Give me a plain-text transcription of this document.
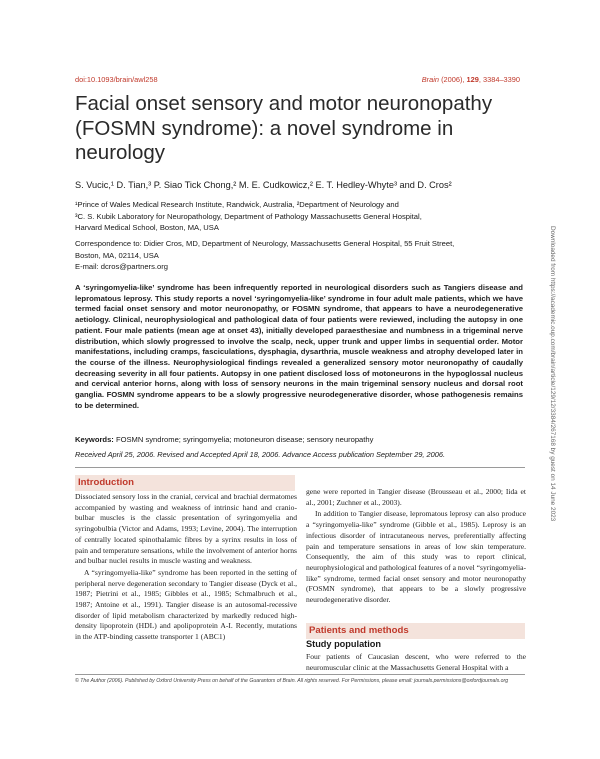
doi:10.1093/brain/awl258	Brain (2006), 129, 3384–3390
Facial onset sensory and motor neuronopathy (FOSMN syndrome): a novel syndrome in neurology
S. Vucic,¹ D. Tian,³ P. Siao Tick Chong,² M. E. Cudkowicz,² E. T. Hedley-Whyte³ and D. Cros²
¹Prince of Wales Medical Research Institute, Randwick, Australia, ²Department of Neurology and
³C. S. Kubik Laboratory for Neuropathology, Department of Pathology Massachusetts General Hospital,
Harvard Medical School, Boston, MA, USA
Correspondence to: Didier Cros, MD, Department of Neurology, Massachusetts General Hospital, 55 Fruit Street,
Boston, MA, 02114, USA
E-mail: dcros@partners.org

A ‘syringomyelia-like’ syndrome has been infrequently reported in neurological disorders such as Tangiers disease and lepromatous leprosy. This study reports a novel ‘syringomyelia-like’ syndrome in four adult male patients, which we have termed facial onset sensory and motor neuronopathy, or FOSMN syndrome, that appears to have a neurodegenerative aetiology. Clinical, neurophysiological and pathological data of four patients were reviewed, including the autopsy in one patient. Four male patients (mean age at onset 43), initially developed paraesthesiae and numbness in a trigeminal nerve distribution, which slowly progressed to involve the scalp, neck, upper trunk and upper limbs in sequential order. Motor manifestations, including cramps, fasciculations, dysphagia, dysarthria, muscle weakness and atrophy developed later in the course of the illness. Neurophysiological findings revealed a generalized sensory motor neuronopathy of caudally decreasing severity in all four patients. Autopsy in one patient disclosed loss of motoneurons in the hypoglossal nucleus and cervical anterior horns, along with loss of sensory neurons in the main trigeminal sensory nucleus and dorsal root ganglia. FOSMN syndrome appears to be a slowly progressive neurodegenerative disorder, whose pathogenesis remains to be determined.

Keywords: FOSMN syndrome; syringomyelia; motoneuron disease; sensory neuropathy
Received April 25, 2006. Revised and Accepted April 18, 2006. Advance Access publication September 29, 2006.
Introduction

Dissociated sensory loss in the cranial, cervical and brachial dermatomes accompanied by wasting and weakness of intrinsic hand and cranio-bulbar muscles is the classic presentation of syringomyelia and syringobulbia (Victor and Adams, 1993; Levine, 2004). The interruption of centrally located spinothalamic fibres by a syrinx results in loss of pain and temperature sensations, while the involvement of anterior horns and bulbar nuclei results in muscle wasting and weakness.

A “syringomyelia-like” syndrome has been reported in the setting of peripheral nerve degeneration secondary to Tangier disease (Dyck et al., 1987; Pietrini et al., 1985; Gibbles et al., 1985; Schmalbruch et al., 1987; Antoine et al., 1991). Tangier disease is an autosomal-recessive disorder of lipid metabolism characterized by markedly reduced high-density lipoprotein (HDL) and apolipoprotein A-I. Recently, mutations in the ATP-binding cassette transporter 1 (ABC1)

gene were reported in Tangier disease (Brousseau et al., 2000; Iida et al., 2001; Zuchner et al., 2003).

In addition to Tangier disease, lepromatous leprosy can also produce a “syringomyelia-like” syndrome (Gibble et al., 1985). Leprosy is an infectious disorder of intracutaneous nerves, preferentially affecting pain and temperature sensations in areas of low skin temperature. Consequently, the aim of this study was to report clinical, neurophysiological and pathological features of a novel “syringomyelia-like” syndrome, termed facial onset sensory and motor neuronopathy (FOSMN syndrome), that appears to be a slowly progressive neurodegenerative disorder.

Patients and methods
Study population

Four patients of Caucasian descent, who were referred to the neuromuscular clinic at the Massachusetts General Hospital with a

© The Author (2006). Published by Oxford University Press on behalf of the Guarantors of Brain. All rights reserved. For Permissions, please email: journals.permissions@oxfordjournals.org
Downloaded from https://academic.oup.com/brain/article/129/12/3384/267168 by guest on 14 June 2023
